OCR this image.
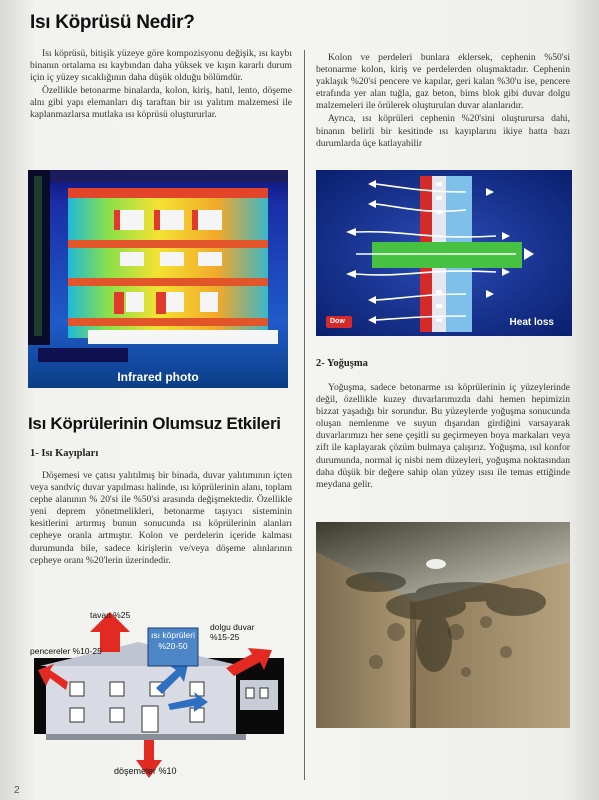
Isı Köprüsü Nedir?

Isı köprüsü, bitişik yüzeye göre kompozisyonu değişik, ısı kaybı binanın ortalama ısı kaybından daha yüksek ve kışın kararlı durum için iç yüzey sıcaklığının daha düşük olduğu bölümdür.

Özellikle betonarme binalarda, kolon, kiriş, hatıl, lento, döşeme alnı gibi yapı elemanları dış taraftan bir ısı yalıtım malzemesi ile kaplanmazlarsa mutlaka ısı köprüsü oluştururlar.

Infrared photo
Isı Köprülerinin Olumsuz Etkileri
1- Isı Kayıpları

Döşemesi ve çatısı yalıtılmış bir binada, duvar yalıtımının içten veya sandviç duvar yapılması halinde, ısı köprülerinin alanı, toplam cephe alanının % 20'si ile %50'si arasında değişmektedir. Özellikle yeni deprem yönetmelikleri, betonarme taşıyıcı sisteminin kesitlerini artırmış bunun sonucunda ısı köprülerinin alanları cepheye oranla artmıştır. Kolon ve perdelerin içeride kalması durumunda bile, sadece kirişlerin ve/veya döşeme alınlarının cepheye oranı %20'lerin üzerindedir.

tavan %25
dolgu duvar %15-25
pencereler %10-25
ısı köprüleri %20-50
döşemeler %10

Kolon ve perdeleri bunlara eklersek, cephenin %50'si betonarme kolon, kiriş ve perdelerden oluşmaktadır. Cephenin yaklaşık %20'si pencere ve kapılar, geri kalan %30'u ise, pencere etrafında yer alan tuğla, gaz beton, bims blok gibi duvar dolgu malzemeleri ile örülerek oluşturulan duvar alanlarıdır.

Ayrıca, ısı köprüleri cephenin %20'sini oluşturursa dahi, binanın belirli bir kesitinde ısı kayıplarını ikiye hatta bazı durumlarda üçe katlayabilir

Dow	Heat loss
2- Yoğuşma

Yoğuşma, sadece betonarme ısı köprülerinin iç yüzeylerinde değil, özellikle kuzey duvarlarımızda dahi hemen hepimizin bizzat yaşadığı bir sorundur. Bu yüzeylerde yoğuşma sonucunda oluşan nemlenme ve suyun dışarıdan girdiğini varsayarak duvarlarımızı her sene çeşitli su geçirmeyen boya markaları veya zift ile kaplayarak çözüm bulmaya çalışırız. Yoğuşma, ısıl konfor durumunda, normal iç nisbi nem düzeyleri, yoğuşma noktasından daha düşük bir değere sahip olan yüzey ısısı ile temas ettiğinde meydana gelir.

2
